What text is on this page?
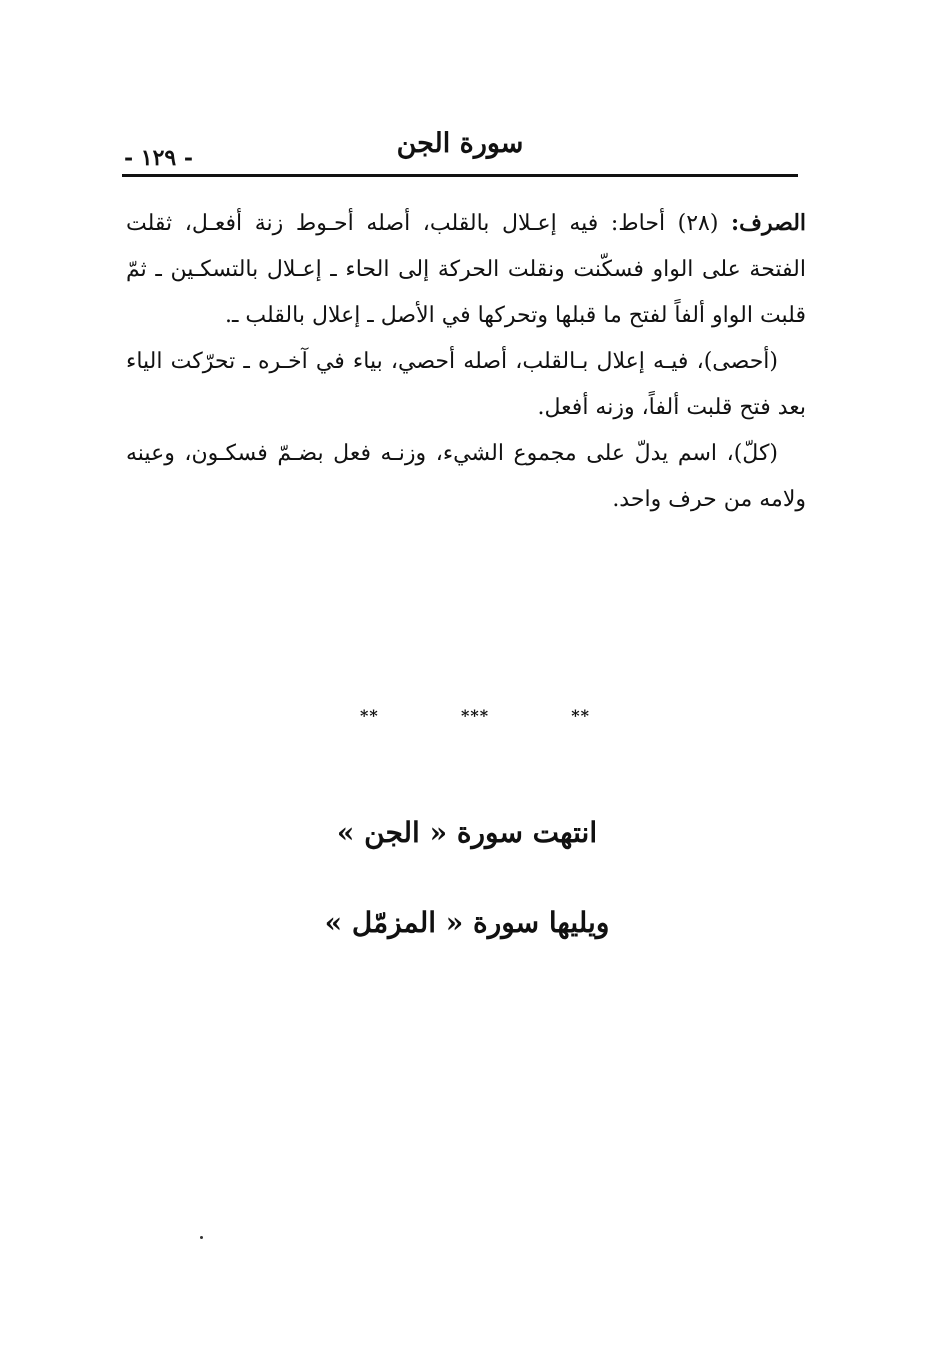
سورة الجن
- ١٢٩ -

الصرف: (٢٨) أحاط: فيه إعـلال بالقلب، أصله أحـوط زنة أفعـل، ثقلت الفتحة على الواو فسكّنت ونقلت الحركة إلى الحاء ـ إعـلال بالتسكـين ـ ثمّ قلبت الواو ألفاً لفتح ما قبلها وتحركها في الأصل ـ إعلال بالقلب ـ.

(أحصى)، فيـه إعلال بـالقلب، أصله أحصي، بياء في آخـره ـ تحرّكت الياء بعد فتح قلبت ألفاً، وزنه أفعل.

(كلّ)، اسم يدلّ على مجموع الشيء، وزنـه فعل بضـمّ فسكـون، وعينه ولامه من حرف واحد.

**
***
**
انتهت سورة « الجن »
ويليها سورة « المزمّل »
